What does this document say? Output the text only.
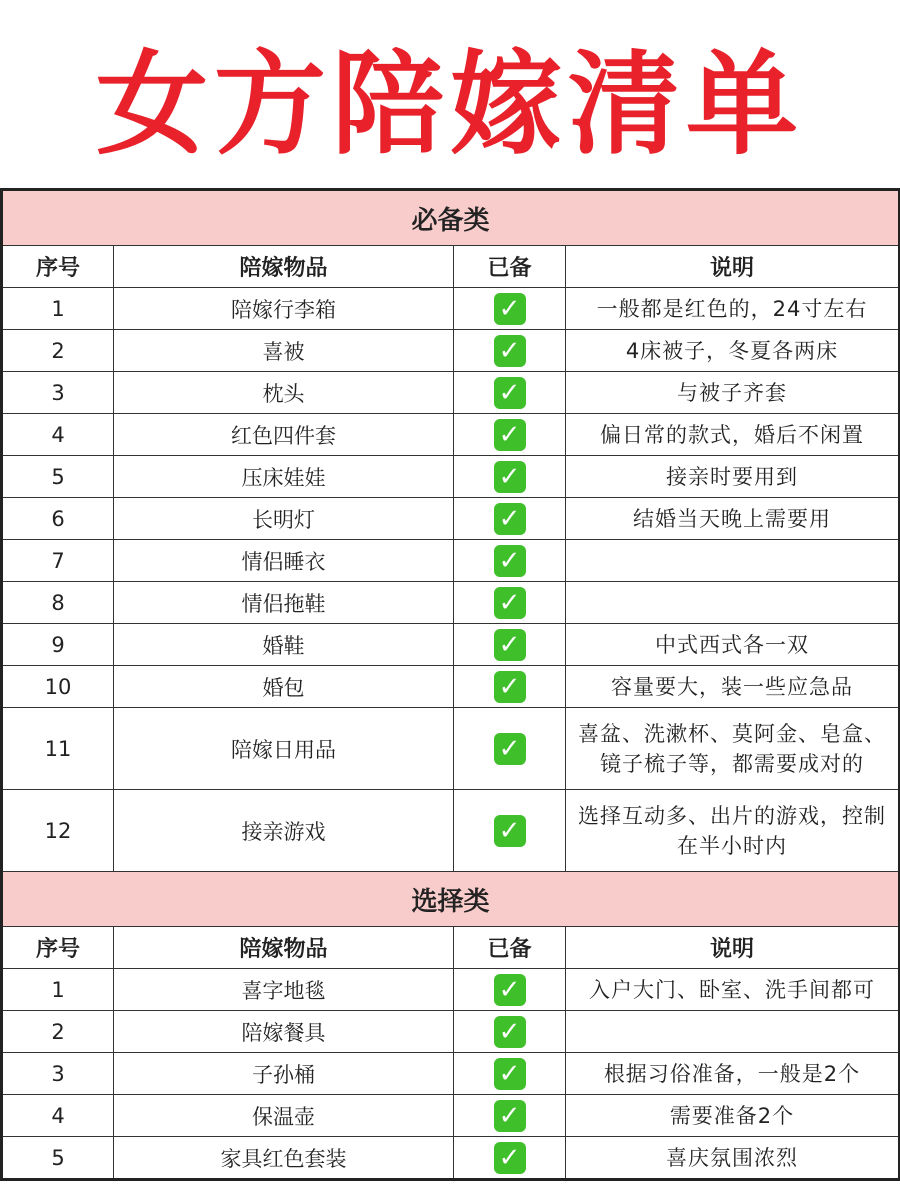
女方陪嫁清单
必备类			
序号	陪嫁物品	已备	说明
1	陪嫁行李箱	✓	一般都是红色的，24寸左右
2	喜被	✓	4床被子，冬夏各两床
3	枕头	✓	与被子齐套
4	红色四件套	✓	偏日常的款式，婚后不闲置
5	压床娃娃	✓	接亲时要用到
6	长明灯	✓	结婚当天晚上需要用
7	情侣睡衣	✓	
8	情侣拖鞋	✓	
9	婚鞋	✓	中式西式各一双
10	婚包	✓	容量要大，装一些应急品
11	陪嫁日用品	✓	喜盆、洗漱杯、莫阿金、皂盒、镜子梳子等，都需要成对的
12	接亲游戏	✓	选择互动多、出片的游戏，控制在半小时内
选择类			
序号	陪嫁物品	已备	说明
1	喜字地毯	✓	入户大门、卧室、洗手间都可
2	陪嫁餐具	✓	
3	子孙桶	✓	根据习俗准备，一般是2个
4	保温壶	✓	需要准备2个
5	家具红色套装	✓	喜庆氛围浓烈
